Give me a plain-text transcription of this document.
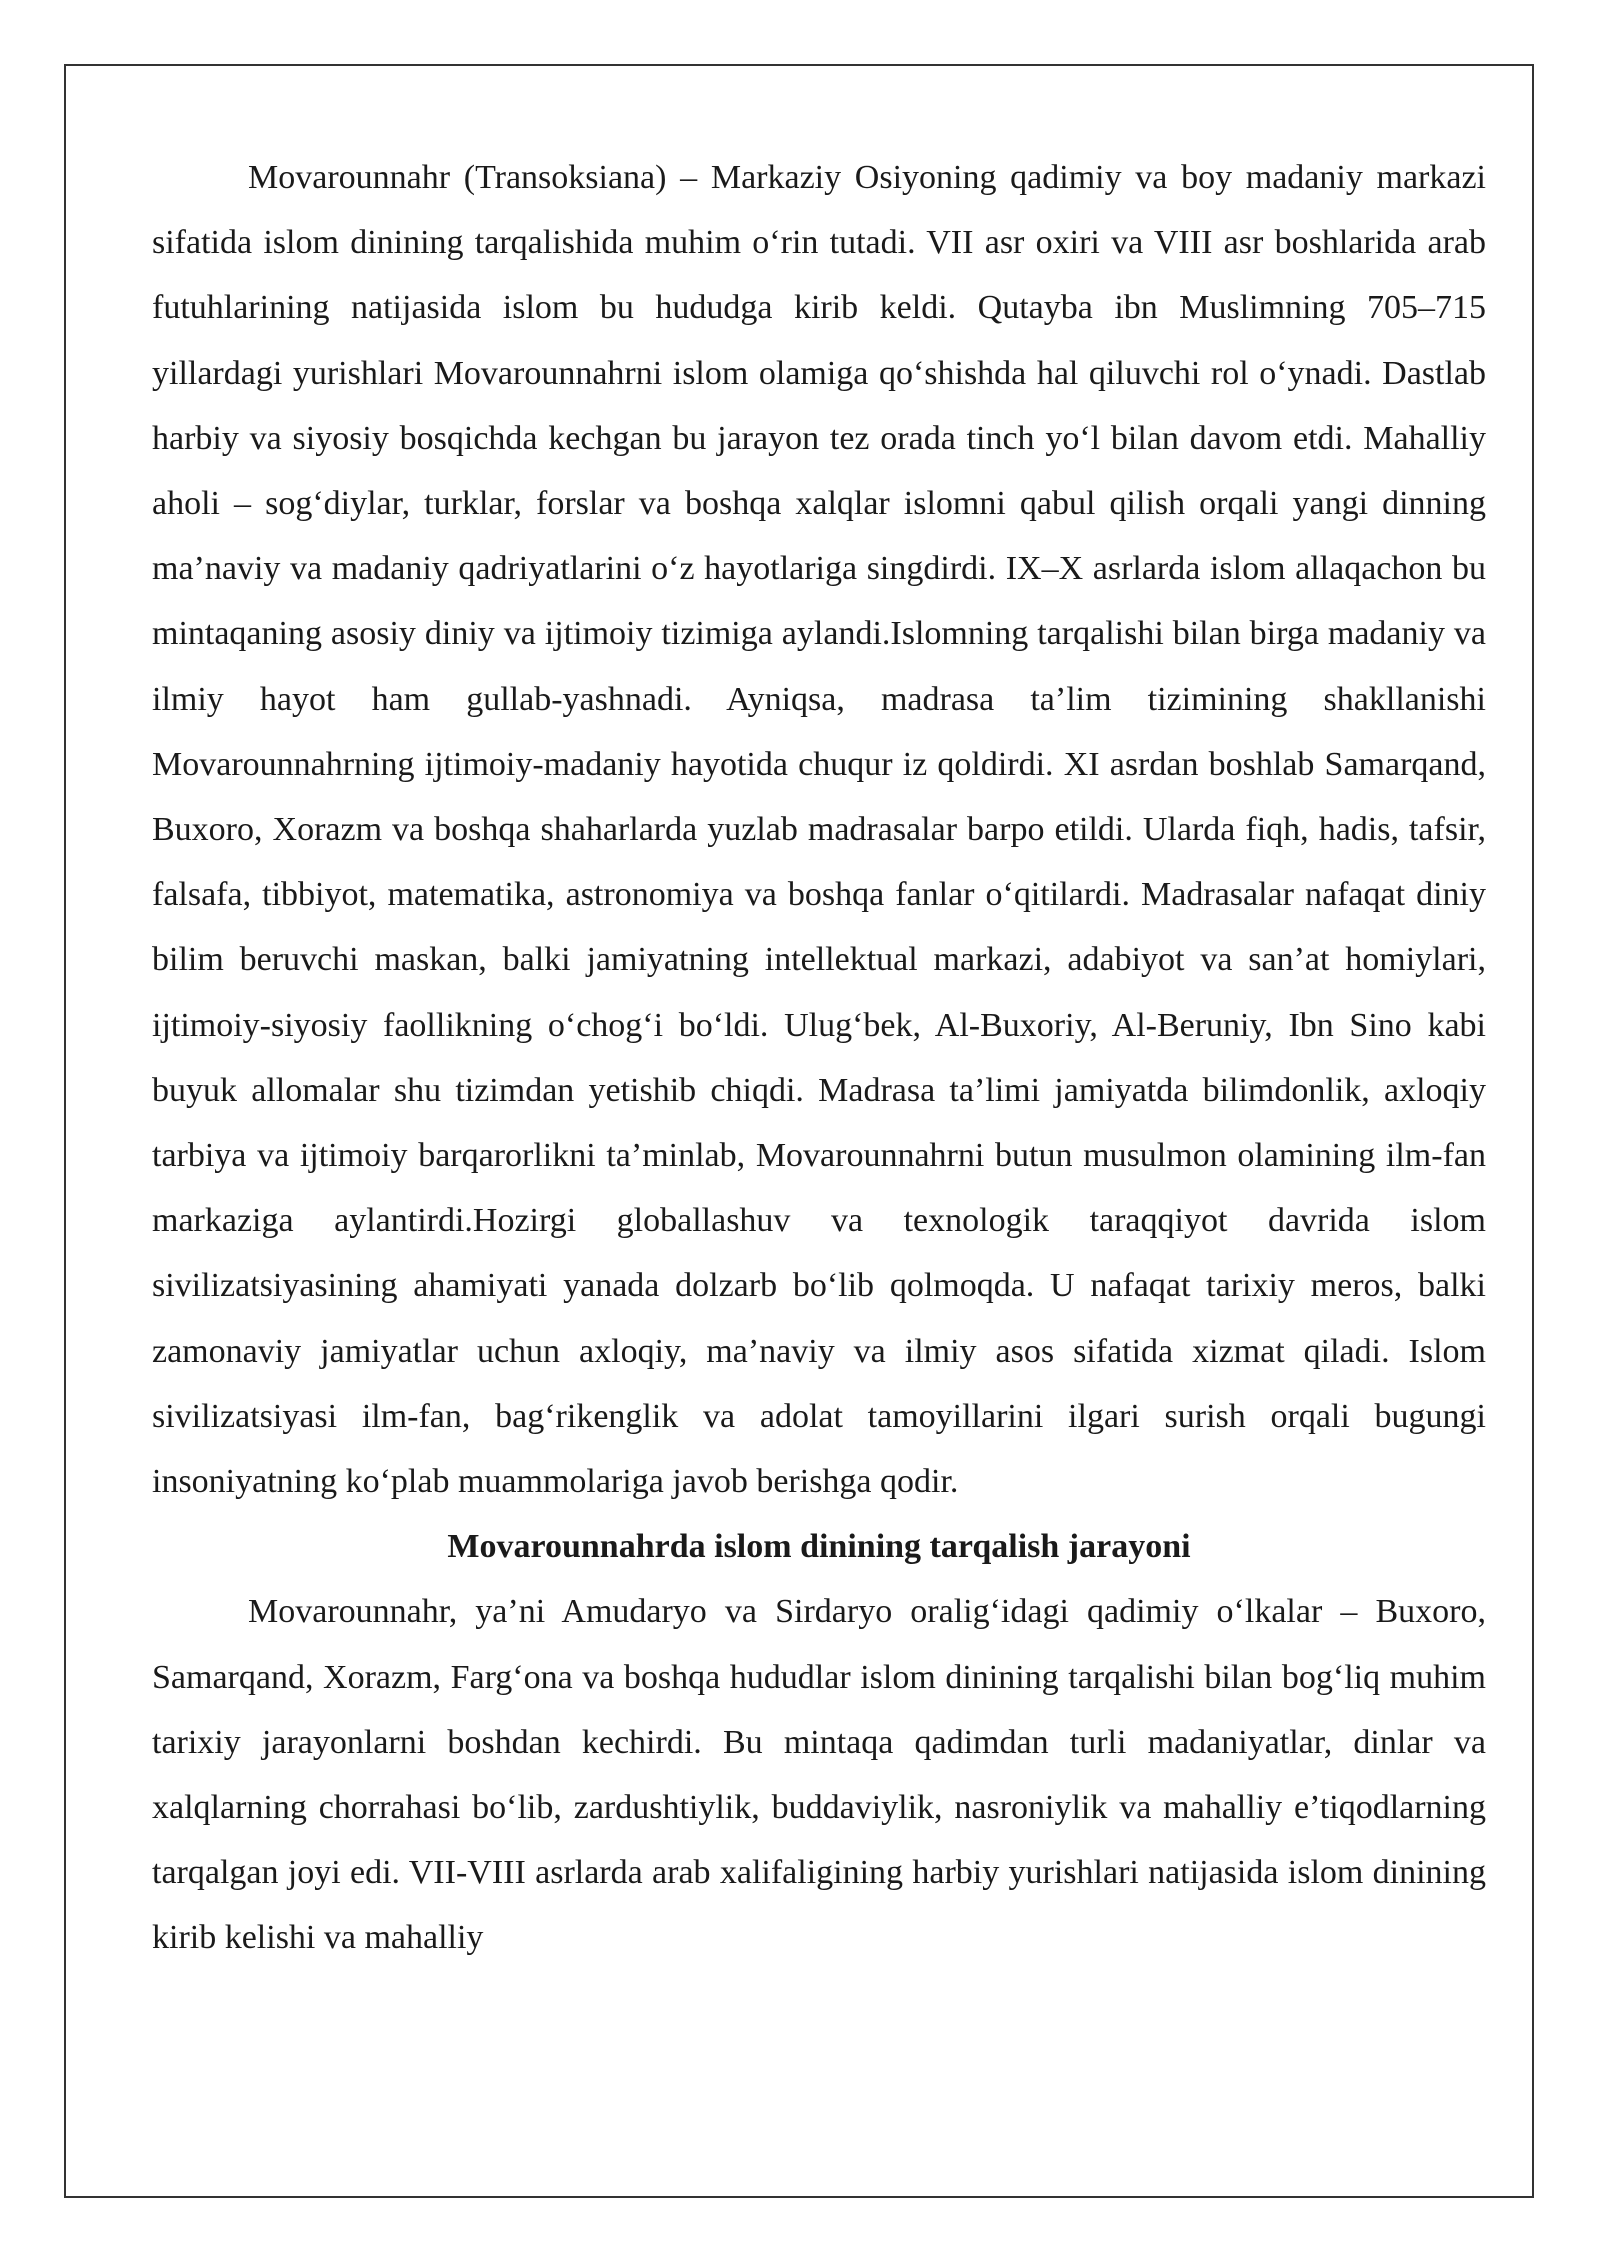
Movarounnahr (Transoksiana) – Markaziy Osiyoning qadimiy va boy madaniy markazi sifatida islom dinining tarqalishida muhim o‘rin tutadi. VII asr oxiri va VIII asr boshlarida arab futuhlarining natijasida islom bu hududga kirib keldi. Qutayba ibn Muslimning 705–715 yillardagi yurishlari Movarounnahrni islom olamiga qo‘shishda hal qiluvchi rol o‘ynadi. Dastlab harbiy va siyosiy bosqichda kechgan bu jarayon tez orada tinch yo‘l bilan davom etdi. Mahalliy aholi – sog‘diylar, turklar, forslar va boshqa xalqlar islomni qabul qilish orqali yangi dinning ma’naviy va madaniy qadriyatlarini o‘z hayotlariga singdirdi. IX–X asrlarda islom allaqachon bu mintaqaning asosiy diniy va ijtimoiy tizimiga aylandi.Islomning tarqalishi bilan birga madaniy va ilmiy hayot ham gullab-yashnadi. Ayniqsa, madrasa ta’lim tizimining shakllanishi Movarounnahrning ijtimoiy-madaniy hayotida chuqur iz qoldirdi. XI asrdan boshlab Samarqand, Buxoro, Xorazm va boshqa shaharlarda yuzlab madrasalar barpo etildi. Ularda fiqh, hadis, tafsir, falsafa, tibbiyot, matematika, astronomiya va boshqa fanlar o‘qitilardi. Madrasalar nafaqat diniy bilim beruvchi maskan, balki jamiyatning intellektual markazi, adabiyot va san’at homiylari, ijtimoiy-siyosiy faollikning o‘chog‘i bo‘ldi. Ulug‘bek, Al-Buxoriy, Al-Beruniy, Ibn Sino kabi buyuk allomalar shu tizimdan yetishib chiqdi. Madrasa ta’limi jamiyatda bilimdonlik, axloqiy tarbiya va ijtimoiy barqarorlikni ta’minlab, Movarounnahrni butun musulmon olamining ilm-fan markaziga aylantirdi.Hozirgi globallashuv va texnologik taraqqiyot davrida islom sivilizatsiyasining ahamiyati yanada dolzarb bo‘lib qolmoqda. U nafaqat tarixiy meros, balki zamonaviy jamiyatlar uchun axloqiy, ma’naviy va ilmiy asos sifatida xizmat qiladi. Islom sivilizatsiyasi ilm-fan, bag‘rikenglik va adolat tamoyillarini ilgari surish orqali bugungi insoniyatning ko‘plab muammolariga javob berishga qodir.

Movarounnahrda islom dinining tarqalish jarayoni

Movarounnahr, ya’ni Amudaryo va Sirdaryo oralig‘idagi qadimiy o‘lkalar – Buxoro, Samarqand, Xorazm, Farg‘ona va boshqa hududlar islom dinining tarqalishi bilan bog‘liq muhim tarixiy jarayonlarni boshdan kechirdi. Bu mintaqa qadimdan turli madaniyatlar, dinlar va xalqlarning chorrahasi bo‘lib, zardushtiylik, buddaviylik, nasroniylik va mahalliy e’tiqodlarning tarqalgan joyi edi. VII-VIII asrlarda arab xalifaligining harbiy yurishlari natijasida islom dinining kirib kelishi va mahalliy
